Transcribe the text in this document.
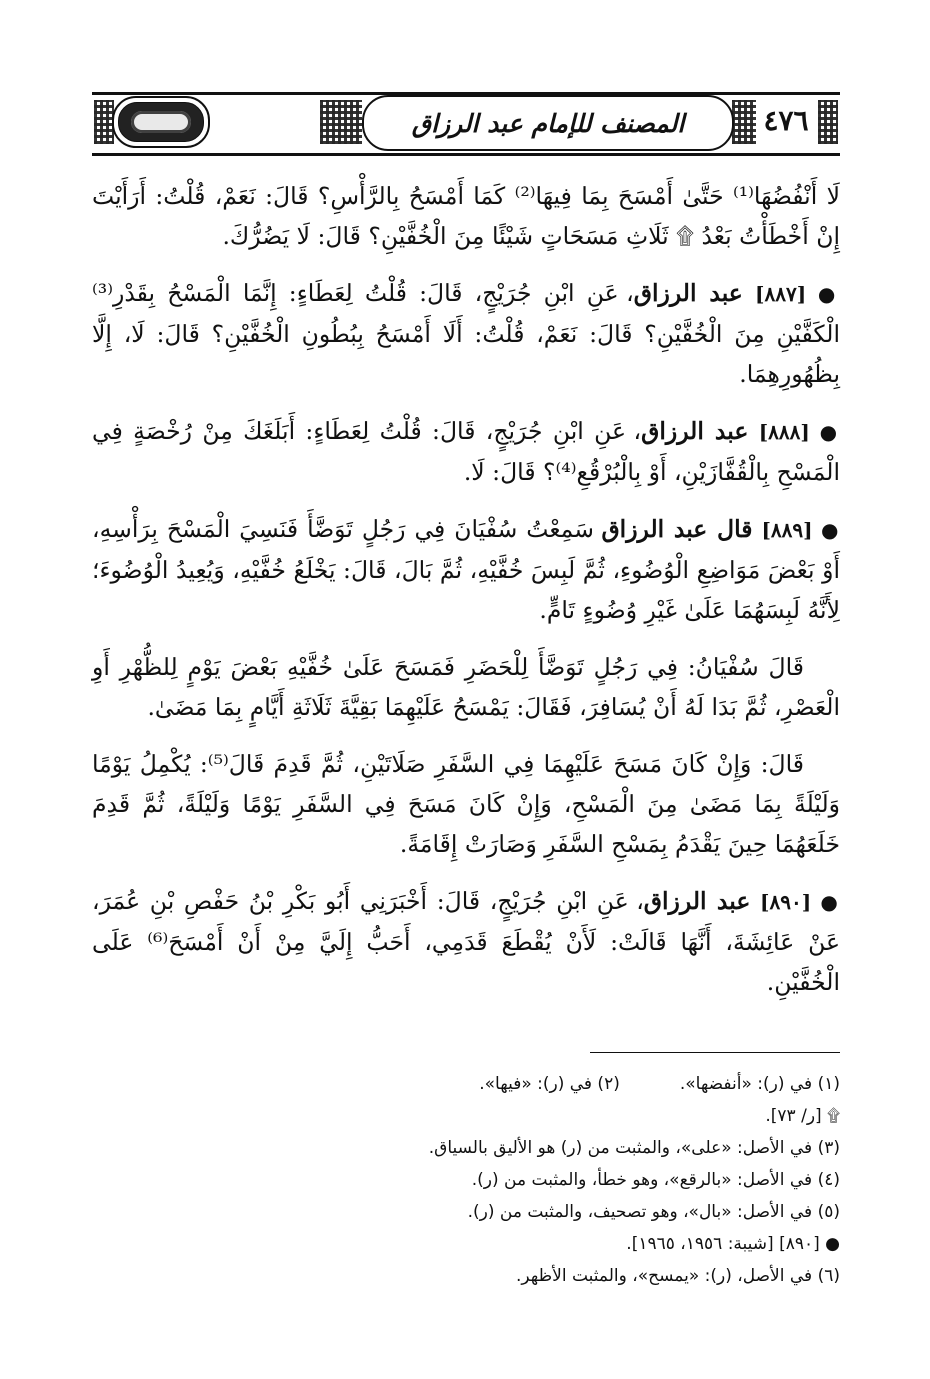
المصنف للإمام عبد الرزاق	٤٧٦

لَا أَنْفُضُهَا⁽¹⁾ حَتَّىٰ أَمْسَحَ بِمَا فِيهَا⁽²⁾ كَمَا أَمْسَحُ بِالرَّأْسِ؟ قَالَ: نَعَمْ، قُلْتُ: أَرَأَيْتَ إِنْ أَخْطَأْتُ بَعْدُ ۩ ثَلَاثِ مَسَحَاتٍ شَيْئًا مِنَ الْخُفَّيْنِ؟ قَالَ: لَا يَضُرُّكَ.

● [٨٨٧] عبد الرزاق، عَنِ ابْنِ جُرَيْجٍ، قَالَ: قُلْتُ لِعَطَاءٍ: إِنَّمَا الْمَسْحُ بِقَدْرِ⁽³⁾ الْكَفَّيْنِ مِنَ الْخُفَّيْنِ؟ قَالَ: نَعَمْ، قُلْتُ: أَلَا أَمْسَحُ بِبُطُونِ الْخُفَّيْنِ؟ قَالَ: لَا، إِلَّا بِظُهُورِهِمَا.

● [٨٨٨] عبد الرزاق، عَنِ ابْنِ جُرَيْجٍ، قَالَ: قُلْتُ لِعَطَاءٍ: أَبَلَغَكَ مِنْ رُخْصَةٍ فِي الْمَسْحِ بِالْقُفَّازَيْنِ، أَوْ بِالْبُرْقُعِ⁽⁴⁾؟ قَالَ: لَا.

● [٨٨٩] قال عبد الرزاق سَمِعْتُ سُفْيَانَ فِي رَجُلٍ تَوَضَّأَ فَنَسِيَ الْمَسْحَ بِرَأْسِهِ، أَوْ بَعْضَ مَوَاضِعِ الْوُضُوءِ، ثُمَّ لَبِسَ خُفَّيْهِ، ثُمَّ بَالَ، قَالَ: يَخْلَعُ خُفَّيْهِ، وَيُعِيدُ الْوُضُوءَ؛ لِأَنَّهُ لَبِسَهُمَا عَلَىٰ غَيْرِ وُضُوءٍ تَامٍّ.

قَالَ سُفْيَانُ: فِي رَجُلٍ تَوَضَّأَ لِلْحَضَرِ فَمَسَحَ عَلَىٰ خُفَّيْهِ بَعْضَ يَوْمٍ لِلظُّهْرِ أَوِ الْعَصْرِ، ثُمَّ بَدَا لَهُ أَنْ يُسَافِرَ، فَقَالَ: يَمْسَحُ عَلَيْهِمَا بَقِيَّةَ ثَلَاثَةِ أَيَّامٍ بِمَا مَضَىٰ.

قَالَ: وَإِنْ كَانَ مَسَحَ عَلَيْهِمَا فِي السَّفَرِ صَلَاتَيْنِ، ثُمَّ قَدِمَ قَالَ⁽⁵⁾: يُكْمِلُ يَوْمًا وَلَيْلَةً بِمَا مَضَىٰ مِنَ الْمَسْحِ، وَإِنْ كَانَ مَسَحَ فِي السَّفَرِ يَوْمًا وَلَيْلَةً، ثُمَّ قَدِمَ خَلَعَهُمَا حِينَ يَقْدَمُ بِمَسْحِ السَّفَرِ وَصَارَتْ إِقَامَةً.

● [٨٩٠] عبد الرزاق، عَنِ ابْنِ جُرَيْجٍ، قَالَ: أَخْبَرَنِي أَبُو بَكْرِ بْنُ حَفْصِ بْنِ عُمَرَ، عَنْ عَائِشَةَ، أَنَّهَا قَالَتْ: لَأَنْ يُقْطَعَ قَدَمِي، أَحَبُّ إِلَيَّ مِنْ أَنْ أَمْسَحَ⁽⁶⁾ عَلَى الْخُفَّيْنِ.

(١) في (ر): «أنفضها».
(٢) في (ر): «فيها».
۩ [ر/ ٧٣].
(٣) في الأصل: «على»، والمثبت من (ر) هو الأليق بالسياق.
(٤) في الأصل: «بالرقع»، وهو خطأ، والمثبت من (ر).
(٥) في الأصل: «بال»، وهو تصحيف، والمثبت من (ر).
● [٨٩٠] [شيبة: ١٩٥٦، ١٩٦٥].
(٦) في الأصل، (ر): «يمسح»، والمثبت الأظهر.
